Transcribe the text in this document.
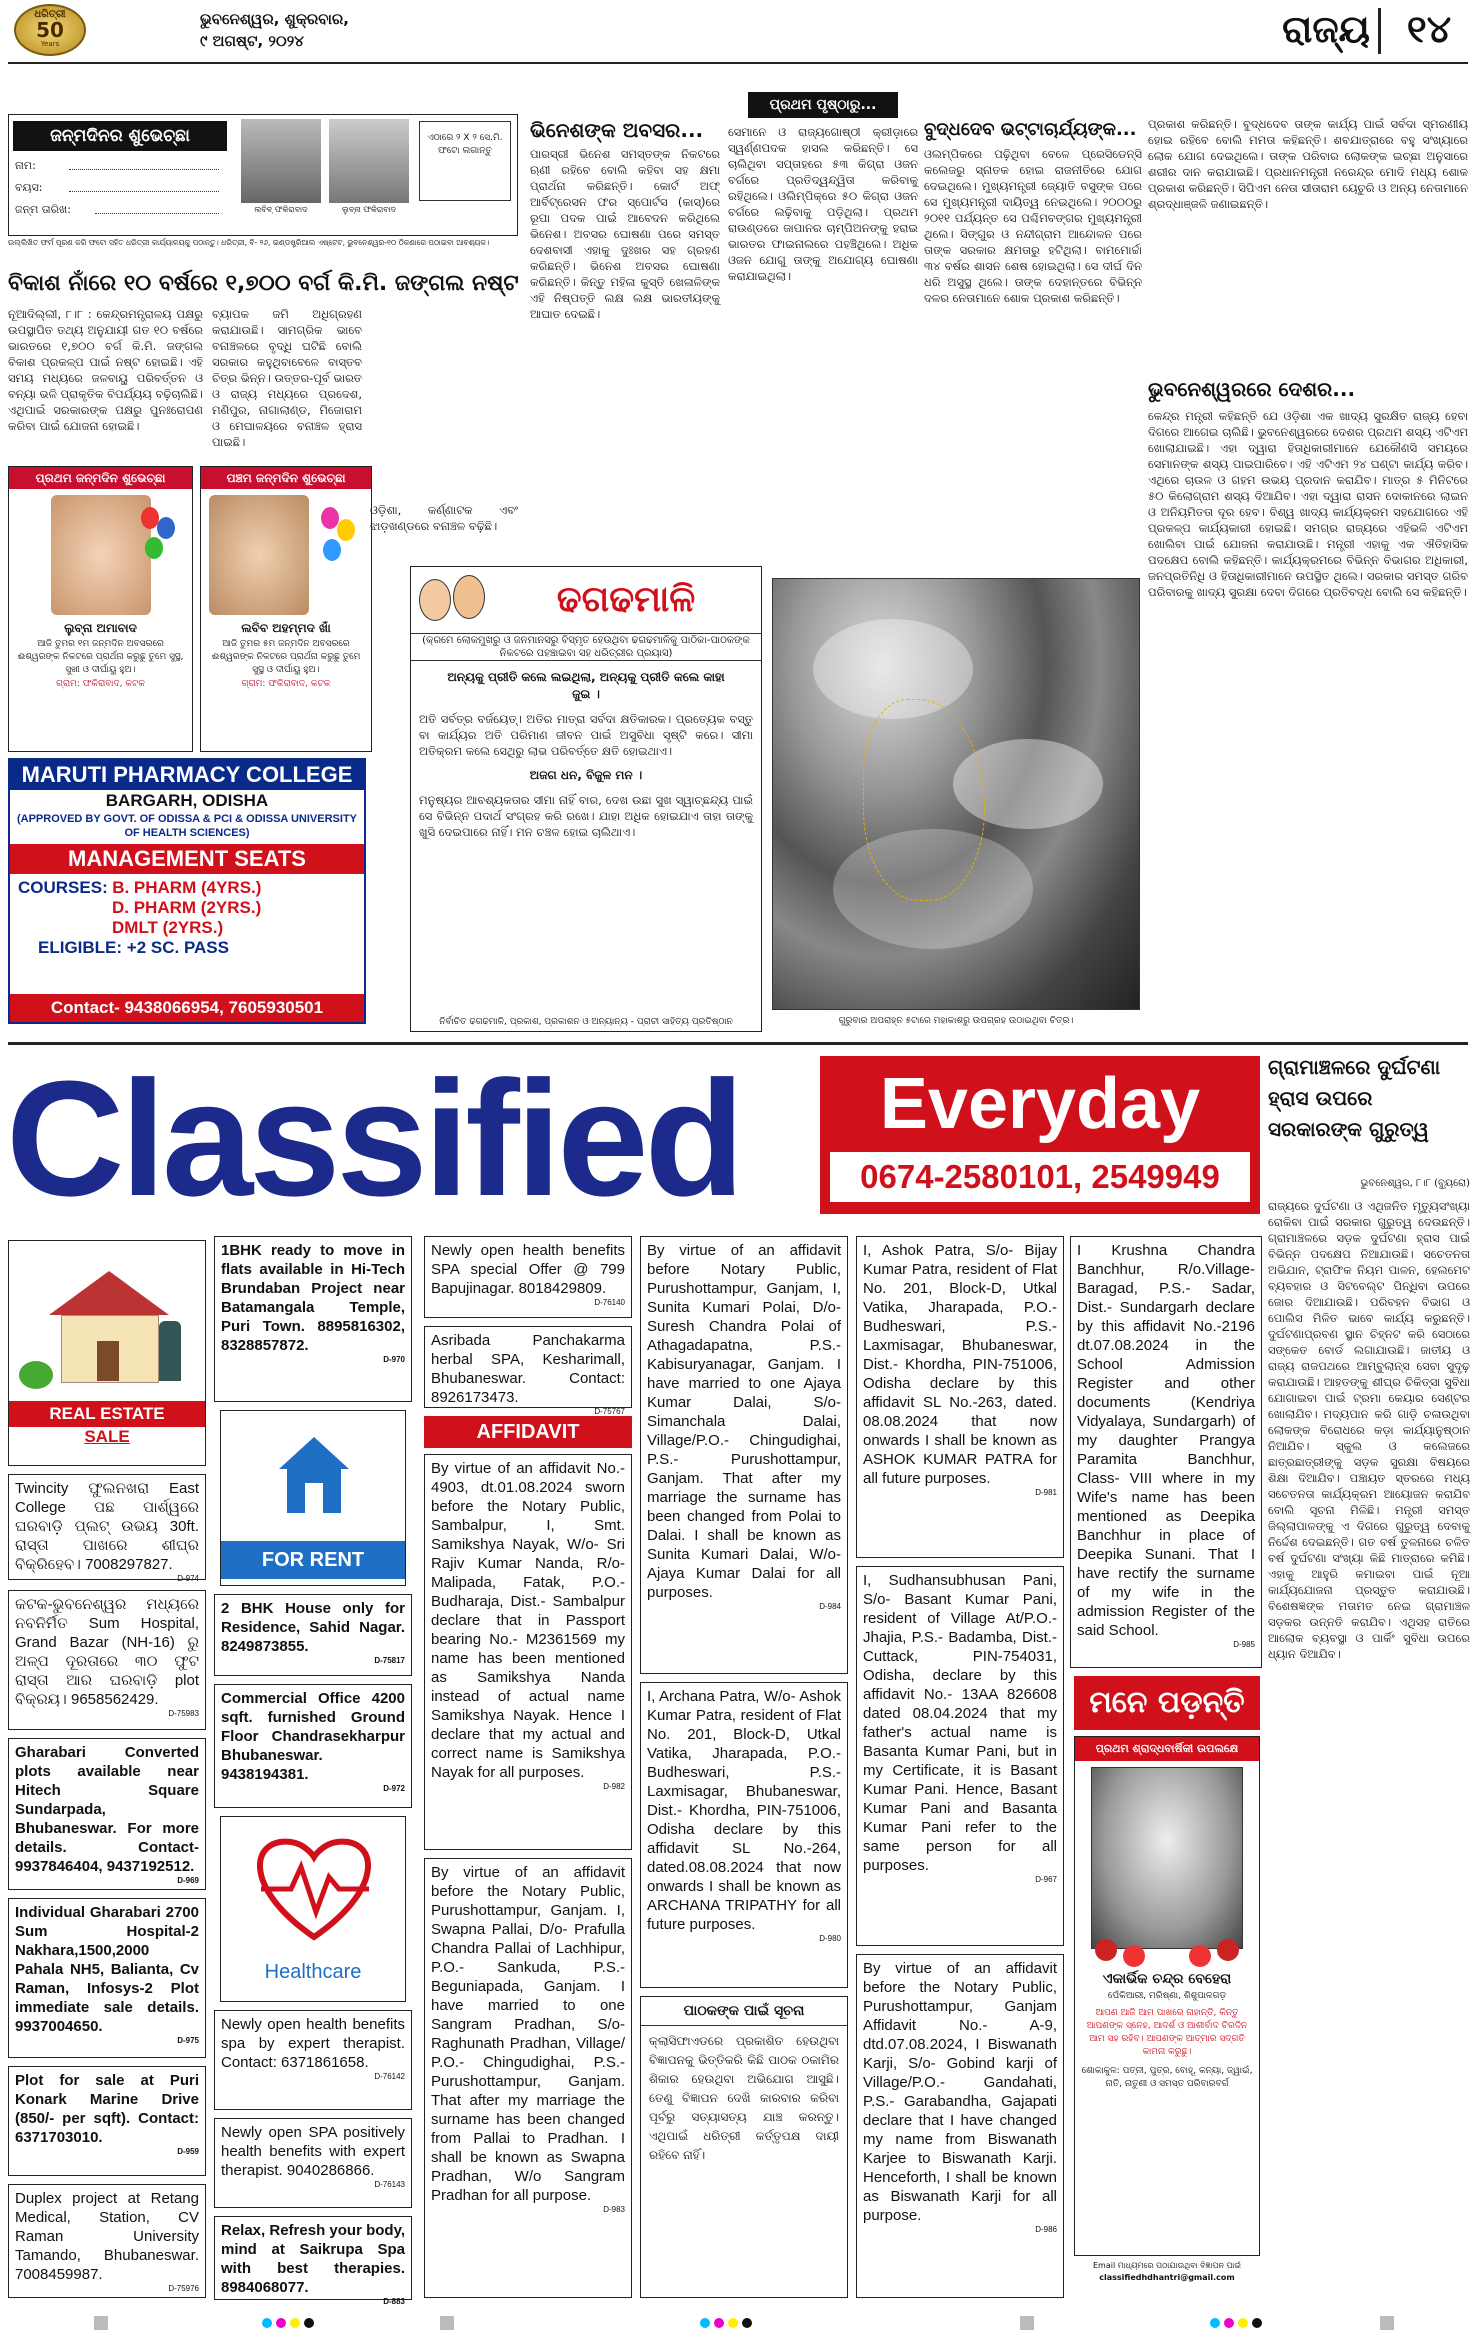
ଧରିତ୍ରୀ
50
Years
ଭୁବନେଶ୍ୱର, ଶୁକ୍ରବାର,
୯ ଅଗଷ୍ଟ, ୨୦୨୪	ରାଜ୍ୟ ୧୪
ଜନ୍ମଦିନର ଶୁଭେଚ୍ଛା
ନାମ:
ବୟସ:
ଜନ୍ମ ତାରିଖ:	ଲବିବ୍ ଫକିରାବାଦ	ଲୁବ୍ନା ଫକିରାବାଦ
ଏଠାରେ ୨ X ୨ ସେ.ମି. ଫଟୋ ଲଗାନ୍ତୁ
ଉଲ୍ଲିଖିତ ଫର୍ମ ପୂରଣ କରି ଫଟୋ ସହିତ ଧରିତ୍ରୀ କାର୍ଯ୍ୟାଳୟକୁ ପଠାନ୍ତୁ। ଧରିତ୍ରୀ, ବି- ୨୬, ଇଣ୍ଡଷ୍ଟ୍ରିଆଲ ଏଷ୍ଟେଟ, ଭୁବନେଶ୍ୱର-୧୦ ଠିକଣାରେ ପଠାଇବା ଆବଶ୍ୟକ।
ବିକାଶ ନାଁରେ ୧୦ ବର୍ଷରେ ୧,୭୦୦ ବର୍ଗ କି.ମି. ଜଙ୍ଗଲ ନଷ୍ଟ
ନୂଆଦିଲ୍ଲୀ, ୮।୮ : କେନ୍ଦ୍ରମନ୍ତ୍ରାଳୟ ପକ୍ଷରୁ ଉପସ୍ଥାପିତ ତଥ୍ୟ ଅନୁଯାୟୀ ଗତ ୧୦ ବର୍ଷରେ ଭାରତରେ ୧,୭୦୦ ବର୍ଗ କି.ମି. ଜଙ୍ଗଲ ବିକାଶ ପ୍ରକଳ୍ପ ପାଇଁ ନଷ୍ଟ ହୋଇଛି। ଏହି ସମୟ ମଧ୍ୟରେ ଜଳବାୟୁ ପରିବର୍ତ୍ତନ ଓ ବନ୍ୟା ଭଳି ପ୍ରାକୃତିକ ବିପର୍ଯ୍ୟୟ ବଢ଼ିଚାଲିଛି। ଏଥିପାଇଁ ସରକାରଙ୍କ ପକ୍ଷରୁ ପୁନଃରୋପଣ କରିବା ପାଇଁ ଯୋଜନା ହୋଇଛି।
ବ୍ୟାପକ ଜମି ଅଧିଗ୍ରହଣ କରାଯାଉଛି। ସାମଗ୍ରିକ ଭାବେ ବନାଞ୍ଚଳରେ ବୃଦ୍ଧି ଘଟିଛି ବୋଲି ସରକାର କହୁଥିବାବେଳେ ବାସ୍ତବ ଚିତ୍ର ଭିନ୍ନ। ଉତ୍ତର-ପୂର୍ବ ଭାରତ ଓ ରାଜ୍ୟ ମଧ୍ୟରେ ପ୍ରଦେଶ, ମଣିପୁର, ନାଗାଲାଣ୍ଡ, ମିଜୋରାମ ଓ ମେଘାଳୟରେ ବନାଞ୍ଚଳ ହ୍ରାସ ପାଇଛି।
ଓଡ଼ିଶା, କର୍ଣ୍ଣାଟକ ଏବଂ ଝାଡ଼ଖଣ୍ଡରେ ବନାଞ୍ଚଳ ବଢ଼ିଛି।
ପ୍ରଥମ ଜନ୍ମଦିନ ଶୁଭେଚ୍ଛା
ଲୁବ୍ନା ଅମାବାଦ
ଆଜି ତୁମର ୧ମ ଜନ୍ମଦିନ ଅବସରରେ ଈଶ୍ୱରଙ୍କ ନିକଟରେ ପ୍ରାର୍ଥନା କରୁଛୁ ତୁମେ ସୁସ୍ଥ, ସୁଖୀ ଓ ଦୀର୍ଘାୟୁ ହୁଅ।
ଗ୍ରାମ: ଫକିରାବାଦ, କଟକ
ପଞ୍ଚମ ଜନ୍ମଦିନ ଶୁଭେଚ୍ଛା
ଲବିବ ଅହମ୍ମଦ ଖାଁ
ଆଜି ତୁମର ୫ମ ଜନ୍ମଦିନ ଅବସରରେ ଈଶ୍ୱରଙ୍କ ନିକଟରେ ପ୍ରାର୍ଥନା କରୁଛୁ ତୁମେ ସୁସ୍ଥ ଓ ଦୀର୍ଘାୟୁ ହୁଅ।
ଗ୍ରାମ: ଫକିରାବାଦ, କଟକ
MARUTI PHARMACY COLLEGE
BARGARH, ODISHA
(APPROVED BY GOVT. OF ODISSA & PCI & ODISSA UNIVERSITY OF HEALTH SCIENCES)
MANAGEMENT SEATS
COURSES: B. PHARM (4YRS.)
D. PHARM (2YRS.)
DMLT (2YRS.)
ELIGIBLE: +2 SC. PASS
Contact- 9438066954, 7605930501
ଭିନେଶଙ୍କ ଅବସର...
ପାରସ୍ରୀ ଭିନେଶ ସମସ୍ତଙ୍କ ନିକଟରେ ଋଣୀ ରହିବେ ବୋଲି କହିବା ସହ କ୍ଷମା ପ୍ରାର୍ଥନା କରିଛନ୍ତି। କୋର୍ଟ ଅଫ୍ ଆର୍ବିଟ୍ରେସନ ଫର ସ୍ପୋର୍ଟସ (କାସ୍)ରେ ରୂପା ପଦକ ପାଇଁ ଆବେଦନ କରିଥିଲେ ଭିନେଶ। ଅବସର ଘୋଷଣା ପରେ ସମସ୍ତ ଦେଶବାସୀ ଏହାକୁ ଦୁଃଖର ସହ ଗ୍ରହଣ କରିଛନ୍ତି। ଭିନେଶ ଅବସର ଘୋଷଣା କରିଛନ୍ତି। କିନ୍ତୁ ମହିଳା କୁସ୍ତି ଖେଳାଳିଙ୍କ ଏହି ନିଷ୍ପତ୍ତି ଲକ୍ଷ ଲକ୍ଷ ଭାରତୀୟଙ୍କୁ ଆଘାତ ଦେଇଛି।
ପ୍ରଥମ ପୃଷ୍ଠାରୁ...
ସେମାନେ ଓ ରାଜ୍ୟଗୋଷ୍ଠୀ କ୍ରୀଡ଼ାରେ ସ୍ୱର୍ଣ୍ଣପଦକ ହାସଲ କରିଛନ୍ତି। ସେ ଚାଲିଥିବା ସପ୍ତାହରେ ୫୩ କିଗ୍ରା ଓଜନ ବର୍ଗରେ ପ୍ରତିଦ୍ୱନ୍ଦ୍ୱିତା କରିବାକୁ ରହିଥିଲେ। ଓଲିମ୍ପିକ୍‌ରେ ୫୦ କିଗ୍ରା ଓଜନ ବର୍ଗରେ ଲଢ଼ିବାକୁ ପଡ଼ିଥିଲା। ପ୍ରଥମ ରାଉଣ୍ଡରେ ଜାପାନର ଚାମ୍ପିଅନଙ୍କୁ ହରାଇ ଭାରତର ଫାଇନାଲରେ ପହଞ୍ଚିଥିଲେ। ଅଧିକ ଓଜନ ଯୋଗୁ ତାଙ୍କୁ ଅଯୋଗ୍ୟ ଘୋଷଣା କରାଯାଇଥିଲା।
ବୁଦ୍ଧଦେବ ଭଟ୍ଟାଚାର୍ଯ୍ୟଙ୍କ...
ଓଲମ୍ପିକରେ ପଢ଼ିଥିବା ବେଳେ ପ୍ରେସିଡେନ୍ସି କଲେଜରୁ ସ୍ନାତକ ହୋଇ ରାଜନୀତିରେ ଯୋଗ ଦେଇଥିଲେ। ମୁଖ୍ୟମନ୍ତ୍ରୀ ଜ୍ୟୋତି ବସୁଙ୍କ ପରେ ସେ ମୁଖ୍ୟମନ୍ତ୍ରୀ ଦାୟିତ୍ୱ ନେଇଥିଲେ। ୨୦୦୦ରୁ ୨୦୧୧ ପର୍ଯ୍ୟନ୍ତ ସେ ପଶ୍ଚିମବଙ୍ଗର ମୁଖ୍ୟମନ୍ତ୍ରୀ ଥିଲେ। ସିଙ୍ଗୁର ଓ ନନ୍ଦୀଗ୍ରାମ ଆନ୍ଦୋଳନ ପରେ ତାଙ୍କ ସରକାର କ୍ଷମତାରୁ ହଟିଥିଲା। ବାମମୋର୍ଚ୍ଚା ୩୪ ବର୍ଷର ଶାସନ ଶେଷ ହୋଇଥିଲା। ସେ ଦୀର୍ଘ ଦିନ ଧରି ଅସୁସ୍ଥ ଥିଲେ। ତାଙ୍କ ଦେହାନ୍ତରେ ବିଭିନ୍ନ ଦଳର ନେତାମାନେ ଶୋକ ପ୍ରକାଶ କରିଛନ୍ତି।
ପ୍ରକାଶ କରିଛନ୍ତି। ବୁଦ୍ଧଦେବ ତାଙ୍କ କାର୍ଯ୍ୟ ପାଇଁ ସର୍ବଦା ସ୍ମରଣୀୟ ହୋଇ ରହିବେ ବୋଲି ମମତା କହିଛନ୍ତି। ଶବଯାତ୍ରାରେ ବହୁ ସଂଖ୍ୟାରେ ଲୋକ ଯୋଗ ଦେଇଥିଲେ। ତାଙ୍କ ପରିବାର ଲୋକଙ୍କ ଇଚ୍ଛା ଅନୁସାରେ ଶରୀର ଦାନ କରାଯାଇଛି। ପ୍ରଧାନମନ୍ତ୍ରୀ ନରେନ୍ଦ୍ର ମୋଦି ମଧ୍ୟ ଶୋକ ପ୍ରକାଶ କରିଛନ୍ତି। ସିପିଏମ ନେତା ସୀତାରାମ ୟେଚୁରି ଓ ଅନ୍ୟ ନେତାମାନେ ଶ୍ରଦ୍ଧାଞ୍ଜଳି ଜଣାଇଛନ୍ତି।
ଭୁବନେଶ୍ୱରରେ ଦେଶର...
କେନ୍ଦ୍ର ମନ୍ତ୍ରୀ କହିଛନ୍ତି ଯେ ଓଡ଼ିଶା ଏକ ଖାଦ୍ୟ ସୁରକ୍ଷିତ ରାଜ୍ୟ ହେବା ଦିଗରେ ଆଗେଇ ଚାଲିଛି। ଭୁବନେଶ୍ୱରରେ ଦେଶର ପ୍ରଥମ ଶସ୍ୟ ଏଟିଏମ ଖୋଲାଯାଇଛି। ଏହା ଦ୍ୱାରା ହିତାଧିକାରୀମାନେ ଯେକୌଣସି ସମୟରେ ସେମାନଙ୍କ ଶସ୍ୟ ପାଇପାରିବେ। ଏହି ଏଟିଏମ ୨୪ ଘଣ୍ଟା କାର୍ଯ୍ୟ କରିବ। ଏଥିରେ ଚାଉଳ ଓ ଗହମ ଉଭୟ ପ୍ରଦାନ କରାଯିବ। ମାତ୍ର ୫ ମିନିଟରେ ୫୦ କିଲୋଗ୍ରାମ ଶସ୍ୟ ଦିଆଯିବ। ଏହା ଦ୍ୱାରା ରାସନ ଦୋକାନରେ ଲାଇନ ଓ ଅନିୟମିତତା ଦୂର ହେବ। ବିଶ୍ୱ ଖାଦ୍ୟ କାର୍ଯ୍ୟକ୍ରମ ସହଯୋଗରେ ଏହି ପ୍ରକଳ୍ପ କାର୍ଯ୍ୟକାରୀ ହୋଇଛି। ସମଗ୍ର ରାଜ୍ୟରେ ଏହିଭଳି ଏଟିଏମ ଖୋଲିବା ପାଇଁ ଯୋଜନା କରାଯାଉଛି। ମନ୍ତ୍ରୀ ଏହାକୁ ଏକ ଐତିହାସିକ ପଦକ୍ଷେପ ବୋଲି କହିଛନ୍ତି। କାର୍ଯ୍ୟକ୍ରମରେ ବିଭିନ୍ନ ବିଭାଗର ଅଧିକାରୀ, ଜନପ୍ରତିନିଧି ଓ ହିତାଧିକାରୀମାନେ ଉପସ୍ଥିତ ଥିଲେ। ସରକାର ସମସ୍ତ ଗରିବ ପରିବାରକୁ ଖାଦ୍ୟ ସୁରକ୍ଷା ଦେବା ଦିଗରେ ପ୍ରତିବଦ୍ଧ ବୋଲି ସେ କହିଛନ୍ତି।
ଢଗଢମାଳି
(କ୍ରମେ ଲୋକମୁଖରୁ ଓ ଜନମାନସରୁ ବିସ୍ମୃତ ହେଉଥିବା ଢଗଢମାଳିକୁ ପାଠିକା-ପାଠକଙ୍କ ନିକଟରେ ପହଞ୍ଚାଇବା ସହ ଧରିତ୍ରୀର ପ୍ରୟାସ)
ଅନ୍ୟକୁ ପ୍ରୀତି କଲେ ଲଇଥିଲା, ଅନ୍ୟକୁ ପ୍ରୀତି କଲେ କାହା ଜୁଇ ।
ଅତି ସର୍ବତ୍ର ବର୍ଜୟେତ୍। ଅତିର ମାତ୍ରା ସର୍ବଦା କ୍ଷତିକାରକ। ପ୍ରତ୍ୟେକ ବସ୍ତୁ ବା କାର୍ଯ୍ୟର ଅତି ପରିମାଣ ଜୀବନ ପାଇଁ ଅସୁବିଧା ସୃଷ୍ଟି କରେ। ସୀମା ଅତିକ୍ରମ କଲେ ସେଥିରୁ ଲାଭ ପରିବର୍ତ୍ତେ କ୍ଷତି ହୋଇଥାଏ।
ଅଜଗ ଧନ, ବିଜୁଳ ମନ ।
ମନୁଷ୍ୟର ଆବଶ୍ୟକତାର ସୀମା ନାହିଁ ବାର, ଦେଖ ଉଛା ସୁଖ ସ୍ୱାଚ୍ଛନ୍ଦ୍ୟ ପାଇଁ ସେ ବିଭିନ୍ନ ପଦାର୍ଥ ସଂଗ୍ରହ କରି ରଖେ। ଯାହା ଅଧିକ ହୋଇଯାଏ ତାହା ତାଙ୍କୁ ଖୁସି ଦେଇପାରେ ନାହିଁ। ମନ ଚଞ୍ଚଳ ହୋଇ ଚାଲିଥାଏ।
ନିର୍ବାଚିତ ଢଗଢମାଳି, ପ୍ରକାଶ, ପ୍ରକାଶନ ଓ ଅନ୍ୟାନ୍ୟ - ପ୍ରାଚୀ ସାହିତ୍ୟ ପ୍ରତିଷ୍ଠାନ	ଗୁରୁବାର ଅପରାହ୍ନ ୫ଟାରେ ମହାକାଶରୁ ଉପଗ୍ରହ ଉଠାଇଥିବା ଚିତ୍ର।
Classified	Everyday
0674-2580101, 2549949
ଗ୍ରାମାଞ୍ଚଳରେ ଦୁର୍ଘଟଣା ହ୍ରାସ ଉପରେ ସରକାରଙ୍କ ଗୁରୁତ୍ୱ
ଭୁବନେଶ୍ୱର, ୮।୮ (ବ୍ୟୁରୋ)
ରାଜ୍ୟରେ ଦୁର୍ଘଟଣା ଓ ଏଥିଜନିତ ମୃତ୍ୟୁସଂଖ୍ୟା ରୋକିବା ପାଇଁ ସରକାର ଗୁରୁତ୍ୱ ଦେଉଛନ୍ତି। ଗ୍ରାମାଞ୍ଚଳରେ ସଡ଼କ ଦୁର୍ଘଟଣା ହ୍ରାସ ପାଇଁ ବିଭିନ୍ନ ପଦକ୍ଷେପ ନିଆଯାଉଛି। ସଚେତନତା ଅଭିଯାନ, ଟ୍ରାଫିକ ନିୟମ ପାଳନ, ହେଲମେଟ ବ୍ୟବହାର ଓ ସିଟବେଲ୍ଟ ପିନ୍ଧିବା ଉପରେ ଜୋର ଦିଆଯାଉଛି। ପରିବହନ ବିଭାଗ ଓ ପୋଲିସ ମିଳିତ ଭାବେ କାର୍ଯ୍ୟ କରୁଛନ୍ତି। ଦୁର୍ଘଟଣାପ୍ରବଣ ସ୍ଥାନ ଚିହ୍ନଟ କରି ସେଠାରେ ସଙ୍କେତ ବୋର୍ଡ ଲଗାଯାଉଛି। ଜାତୀୟ ଓ ରାଜ୍ୟ ରାଜପଥରେ ଆମ୍ବୁଲାନ୍ସ ସେବା ସୁଦୃଢ଼ କରାଯାଉଛି। ଆହତଙ୍କୁ ଶୀଘ୍ର ଚିକିତ୍ସା ସୁବିଧା ଯୋଗାଇବା ପାଇଁ ଟ୍ରମା କେୟାର ସେଣ୍ଟର ଖୋଲାଯିବ। ମଦ୍ୟପାନ କରି ଗାଡ଼ି ଚଳାଉଥିବା ଲୋକଙ୍କ ବିରୋଧରେ କଡ଼ା କାର୍ଯ୍ୟାନୁଷ୍ଠାନ ନିଆଯିବ। ସ୍କୁଲ ଓ କଲେଜରେ ଛାତ୍ରଛାତ୍ରୀଙ୍କୁ ସଡ଼କ ସୁରକ୍ଷା ବିଷୟରେ ଶିକ୍ଷା ଦିଆଯିବ। ପଞ୍ଚାୟତ ସ୍ତରରେ ମଧ୍ୟ ସଚେତନତା କାର୍ଯ୍ୟକ୍ରମ ଆୟୋଜନ କରାଯିବ ବୋଲି ସୂଚନା ମିଳିଛି। ମନ୍ତ୍ରୀ ସମସ୍ତ ଜିଲ୍ଲାପାଳଙ୍କୁ ଏ ଦିଗରେ ଗୁରୁତ୍ୱ ଦେବାକୁ ନିର୍ଦ୍ଦେଶ ଦେଇଛନ୍ତି। ଗତ ବର୍ଷ ତୁଳନାରେ ଚଳିତ ବର୍ଷ ଦୁର୍ଘଟଣା ସଂଖ୍ୟା କିଛି ମାତ୍ରାରେ କମିଛି। ଏହାକୁ ଆହୁରି କମାଇବା ପାଇଁ ନୂଆ କାର୍ଯ୍ୟଯୋଜନା ପ୍ରସ୍ତୁତ କରାଯାଉଛି। ବିଶେଷଜ୍ଞଙ୍କ ମତାମତ ନେଇ ଗ୍ରାମାଞ୍ଚଳ ସଡ଼କର ଉନ୍ନତି କରାଯିବ। ଏଥିସହ ରାତିରେ ଆଲୋକ ବ୍ୟବସ୍ଥା ଓ ପାର୍କିଂ ସୁବିଧା ଉପରେ ଧ୍ୟାନ ଦିଆଯିବ।
REAL ESTATE
SALE
Twincity ଫୁଲନଖରା East College ପଛ ପାର୍ଶ୍ୱରେ ଘରବାଡ଼ି ପ୍ଲଟ୍ ଉଭୟ 30ft. ରାସ୍ତା ପାଖରେ ଶୀଘ୍ର ବିକ୍ରିହେବ। 7008297827.
D-974
କଟକ-ଭୁବନେଶ୍ୱର ମଧ୍ୟରେ ନବନିର୍ମିତ Sum Hospital, Grand Bazar (NH-16) ରୁ ଅଳ୍ପ ଦୂରତାରେ ୩୦ ଫୁଟ ରାସ୍ତା ଆର ଘରବାଡ଼ି plot ବିକ୍ରୟ। 9658562429.
D-75983
Gharabari Converted plots available near Hitech Square Sundarpada, Bhubaneswar. For more details. Contact- 9937846404, 9437192512.
D-969
Individual Gharabari 2700 Sum Hospital-2 Nakhara,1500,2000 Pahala NH5, Balianta, Cv Raman, Infosys-2 Plot immediate sale details. 9937004650.
D-975
Plot for sale at Puri Konark Marine Drive (850/- per sqft). Contact: 6371703010.
D-959
Duplex project at Retang Medical, Station, CV Raman University Tamando, Bhubaneswar. 7008459987.
D-75976
1BHK ready to move in flats available in Hi-Tech Brundaban Project near Batamangala Temple, Puri Town. 8895816302, 8328857872.
D-970
FOR RENT
2 BHK House only for Residence, Sahid Nagar. 8249873855.
D-75817
Commercial Office 4200 sqft. furnished Ground Floor Chandrasekharpur Bhubaneswar. 9438194381.
D-972
Healthcare
Newly open health benefits spa by expert therapist. Contact: 6371861658.
D-76142
Newly open SPA positively health benefits with expert therapist. 9040286866.
D-76143
Relax, Refresh your body, mind at Saikrupa Spa with best therapies. 8984068077.
D-883
Newly open health benefits SPA special Offer @ 799 Bapujinagar. 8018429809.
D-76140
Asribada Panchakarma herbal SPA, Kesharimall, Bhubaneswar. Contact: 8926173473.
D-75767
AFFIDAVIT
By virtue of an affidavit No.- 4903, dt.01.08.2024 sworn before the Notary Public, Sambalpur, I, Smt. Samikshya Nayak, W/o- Sri Rajiv Kumar Nanda, R/o- Malipada, Fatak, P.O.- Budharaja, Dist.- Sambalpur declare that in Passport bearing No.- M2361569 my name has been mentioned as Samikshya Nanda instead of actual name Samikshya Nayak. Hence I declare that my actual and correct name is Samikshya Nayak for all purposes.
D-982
By virtue of an affidavit before the Notary Public, Purushottampur, Ganjam. I, Swapna Pallai, D/o- Prafulla Chandra Pallai of Lachhipur, P.O.- Sankuda, P.S.- Beguniapada, Ganjam. I have married to one Sangram Pradhan, S/o- Raghunath Pradhan, Village/ P.O.- Chingudighai, P.S.- Purushottampur, Ganjam. That after my marriage the surname has been changed from Pallai to Pradhan. I shall be known as Swapna Pradhan, W/o Sangram Pradhan for all purpose.
D-983
By virtue of an affidavit before Notary Public, Purushottampur, Ganjam, I, Sunita Kumari Polai, D/o- Suresh Chandra Polai of Athagadapatna, P.S.- Kabisuryanagar, Ganjam. I have married to one Ajaya Kumar Dalai, S/o- Simanchala Dalai, Village/P.O.- Chingudighai, P.S.- Purushottampur, Ganjam. That after my marriage the surname has been changed from Polai to Dalai. I shall be known as Sunita Kumari Dalai, W/o- Ajaya Kumar Dalai for all purposes.
D-984
I, Archana Patra, W/o- Ashok Kumar Patra, resident of Flat No. 201, Block-D, Utkal Vatika, Jharapada, P.O.- Budheswari, P.S.- Laxmisagar, Bhubaneswar, Dist.- Khordha, PIN-751006, Odisha declare by this affidavit SL No.-264, dated.08.08.2024 that now onwards I shall be known as ARCHANA TRIPATHY for all future purposes.
D-980
ପାଠକଙ୍କ ପାଇଁ ସୂଚନା
କ୍ଲାସିଫାଏଡରେ ପ୍ରକାଶିତ ହେଉଥିବା ବିଜ୍ଞାପନକୁ ଭିତ୍ତିକରି କିଛି ପାଠକ ଠକାମିର ଶିକାର ହେଉଥିବା ଅଭିଯୋଗ ଆସୁଛି। ତେଣୁ ବିଜ୍ଞାପନ ଦେଖି କାରବାର କରିବା ପୂର୍ବରୁ ସତ୍ୟାସତ୍ୟ ଯାଞ୍ଚ କରନ୍ତୁ। ଏଥିପାଇଁ ଧରିତ୍ରୀ କର୍ତ୍ତୃପକ୍ଷ ଦାୟୀ ରହିବେ ନାହିଁ।
I, Ashok Patra, S/o- Bijay Kumar Patra, resident of Flat No. 201, Block-D, Utkal Vatika, Jharapada, P.O.- Budheswari, P.S.- Laxmisagar, Bhubaneswar, Dist.- Khordha, PIN-751006, Odisha declare by this affidavit SL No.-263, dated. 08.08.2024 that now onwards I shall be known as ASHOK KUMAR PATRA for all future purposes.
D-981
I, Sudhansubhusan Pani, S/o- Basant Kumar Pani, resident of Village At/P.O.-Jhajia, P.S.- Badamba, Dist.-Cuttack, PIN-754031, Odisha, declare by this affidavit No.- 13AA 826608 dated 08.04.2024 that my father's actual name is Basanta Kumar Pani, but in my Certificate, it is Basant Kumar Pani. Hence, Basant Kumar Pani and Basanta Kumar Pani refer to the same person for all purposes.
D-967
By virtue of an affidavit before the Notary Public, Purushottampur, Ganjam Affidavit No.- A-9, dtd.07.08.2024, I Biswanath Karji, S/o- Gobind karji of Village/P.O.- Gandahati, P.S.- Garabandha, Gajapati declare that I have changed my name from Biswanath Karjee to Biswanath Karji. Henceforth, I shall be known as Biswanath Karji for all purpose.
D-986
I Krushna Chandra Banchhur, R/o.Village- Baragad, P.S.- Sadar, Dist.- Sundargarh declare by this affidavit No.-2196 dt.07.08.2024 in the School Admission Register and other documents (Kendriya Vidyalaya, Sundargarh) of my daughter Prangya Paramita Banchhur, Class- VIII where in my Wife's name has been mentioned as Deepika Banchhur in place of Deepika Sunani. That I have rectify the surname of my wife in the admission Register of the said School.
D-985
ମନେ ପଡ଼ନ୍ତି
ପ୍ରଥମ ଶ୍ରାଦ୍ଧବାର୍ଷିକୀ ଉପଲକ୍ଷେ
ଏକାର୍ଭିକ ଚନ୍ଦ୍ର ବେହେରା
ପେଁକିଆରୀ, ମରିଷ୍ଣା, ଶିଶୁପାଳଗଡ଼
ଆପଣ ଆଜି ଆମ ପାଖରେ ନାହାନ୍ତି, କିନ୍ତୁ ଆପଣଙ୍କ ସ୍ନେହ, ଆଦର୍ଶ ଓ ଆଶୀର୍ବାଦ ଚିରଦିନ ଆମ ସହ ରହିବ। ଆପଣଙ୍କ ଆତ୍ମାର ସଦ୍‌ଗତି କାମନା କରୁଛୁ।
ଶୋକାକୁଳ: ପତ୍ନୀ, ପୁତ୍ର, ବୋହୂ, କନ୍ୟା, ଜ୍ୱାଇଁ, ନାତି, ନାତୁଣୀ ଓ ସମସ୍ତ ପରିବାରବର୍ଗ
Email ମାଧ୍ୟମରେ ପଠାଯାଉଥିବା ବିଜ୍ଞାପନ ପାଇଁ
classifiedhdhantri@gmail.com
